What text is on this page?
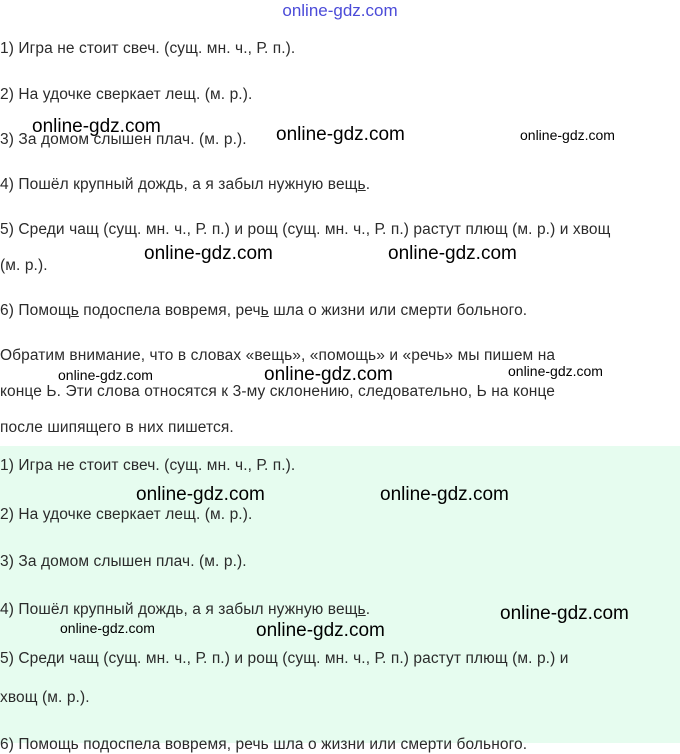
online-gdz.com
1) Игра не стоит свеч. (сущ. мн. ч., Р. п.).
2) На удочке сверкает лещ. (м. р.).
3) За домом слышен плач. (м. р.).
4) Пошёл крупный дождь, а я забыл нужную вещь.
5) Среди чащ (сущ. мн. ч., Р. п.) и рощ (сущ. мн. ч., Р. п.) растут плющ (м. р.) и хвощ
(м. р.).
6) Помощь подоспела вовремя, речь шла о жизни или смерти больного.
Обратим внимание, что в словах «вещь», «помощь» и «речь» мы пишем на
конце Ь. Эти слова относятся к 3-му склонению, следовательно, Ь на конце
после шипящего в них пишется.
1) Игра не стоит свеч. (сущ. мн. ч., Р. п.).
2) На удочке сверкает лещ. (м. р.).
3) За домом слышен плач. (м. р.).
4) Пошёл крупный дождь, а я забыл нужную вещь.
5) Среди чащ (сущ. мн. ч., Р. п.) и рощ (сущ. мн. ч., Р. п.) растут плющ (м. р.) и
хвощ (м. р.).
6) Помощь подоспела вовремя, речь шла о жизни или смерти больного.
online-gdz.com	online-gdz.com	online-gdz.com
online-gdz.com	online-gdz.com
online-gdz.com	online-gdz.com	online-gdz.com
online-gdz.com	online-gdz.com
online-gdz.com
online-gdz.com	online-gdz.com
